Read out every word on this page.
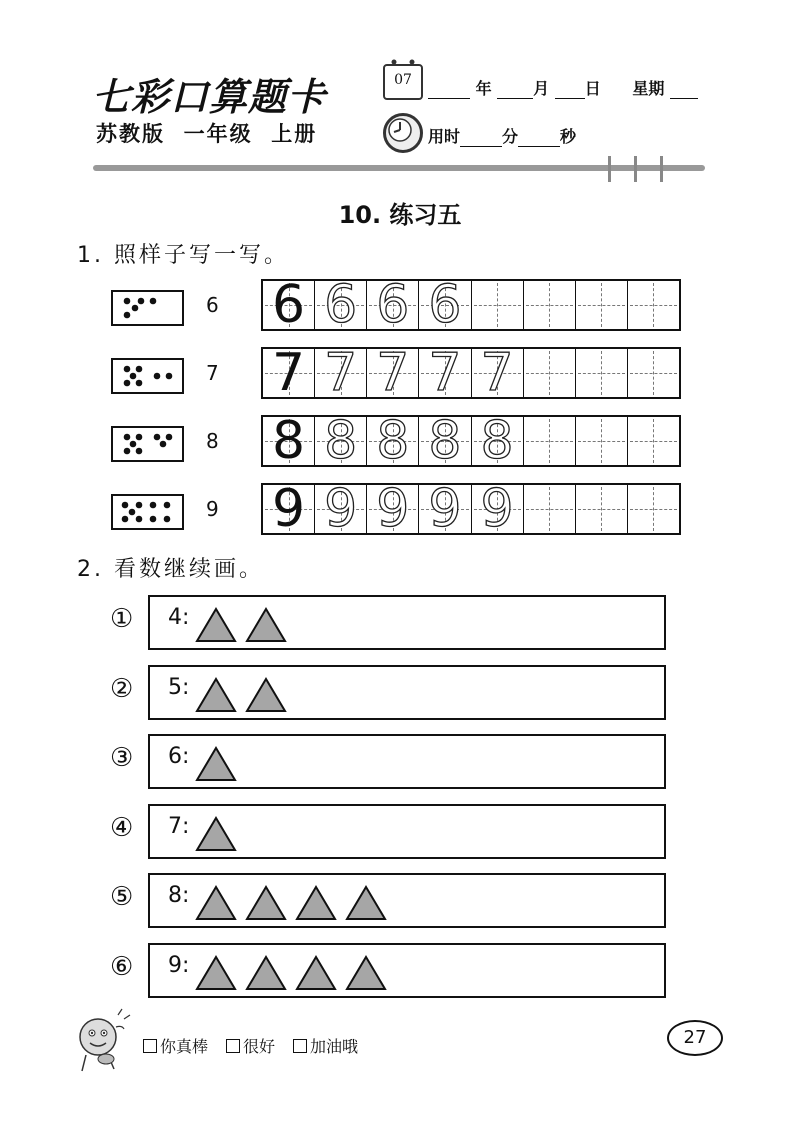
七彩口算题卡
苏教版  一年级  上册
07	年	月 日 星期
用时	分	秒
10. 练习五
1. 照样子写一写。
6 6 6 6 6
7 7 7 7 7 7
8 8 8 8 8 8
9 9 9 9 9 9
2. 看数继续画。
① 4:
② 5:
③ 6:
④ 7:
⑤ 8:
⑥ 9:
你真棒 很好 加油哦	27
